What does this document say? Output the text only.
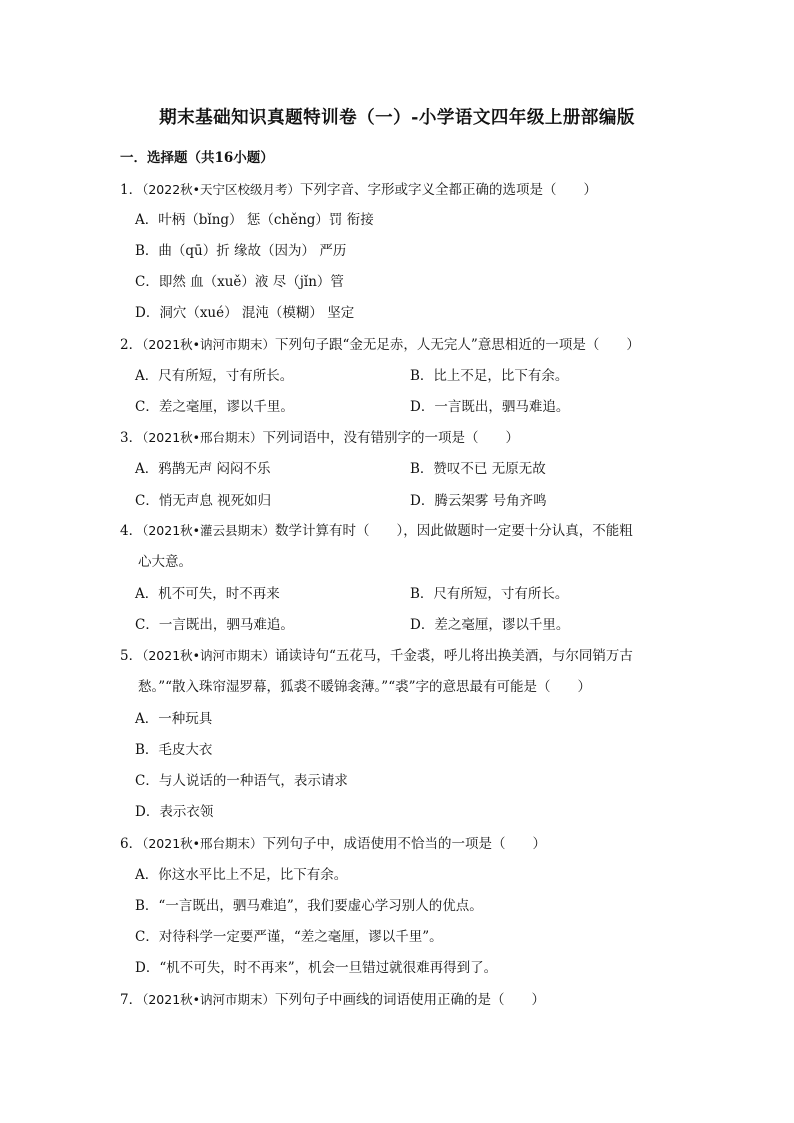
期末基础知识真题特训卷（一）-小学语文四年级上册部编版
一．选择题（共16小题）
1．（2022秋•天宁区校级月考）下列字音、字形或字义全都正确的选项是（　　）
A．叶柄（bǐng） 惩（chěng）罚 衔接
B．曲（qū）折 缘故（因为） 严历
C．即然 血（xuě）液 尽（jǐn）管
D．洞穴（xué） 混沌（模糊） 坚定
2．（2021秋•讷河市期末）下列句子跟“金无足赤，人无完人”意思相近的一项是（　　）
A．尺有所短，寸有所长。	B．比上不足，比下有余。
C．差之毫厘，谬以千里。	D．一言既出，驷马难追。
3．（2021秋•邢台期末）下列词语中，没有错别字的一项是（　　）
A．鸦鹊无声 闷闷不乐	B．赞叹不已 无原无故
C．悄无声息 视死如归	D．腾云架雾 号角齐鸣
4．（2021秋•灌云县期末）数学计算有时（　　），因此做题时一定要十分认真，不能粗
心大意。
A．机不可失，时不再来	B．尺有所短，寸有所长。
C．一言既出，驷马难追。	D．差之毫厘，谬以千里。
5．（2021秋•讷河市期末）诵读诗句“五花马，千金裘，呼儿将出换美酒，与尔同销万古
愁。”“散入珠帘湿罗幕，狐裘不暖锦衾薄。”“裘”字的意思最有可能是（　　）
A．一种玩具
B．毛皮大衣
C．与人说话的一种语气，表示请求
D．表示衣领
6．（2021秋•邢台期末）下列句子中，成语使用不恰当的一项是（　　）
A．你这水平比上不足，比下有余。
B．“一言既出，驷马难追”，我们要虚心学习别人的优点。
C．对待科学一定要严谨，“差之毫厘，谬以千里”。
D．“机不可失，时不再来”，机会一旦错过就很难再得到了。
7．（2021秋•讷河市期末）下列句子中画线的词语使用正确的是（　　）
